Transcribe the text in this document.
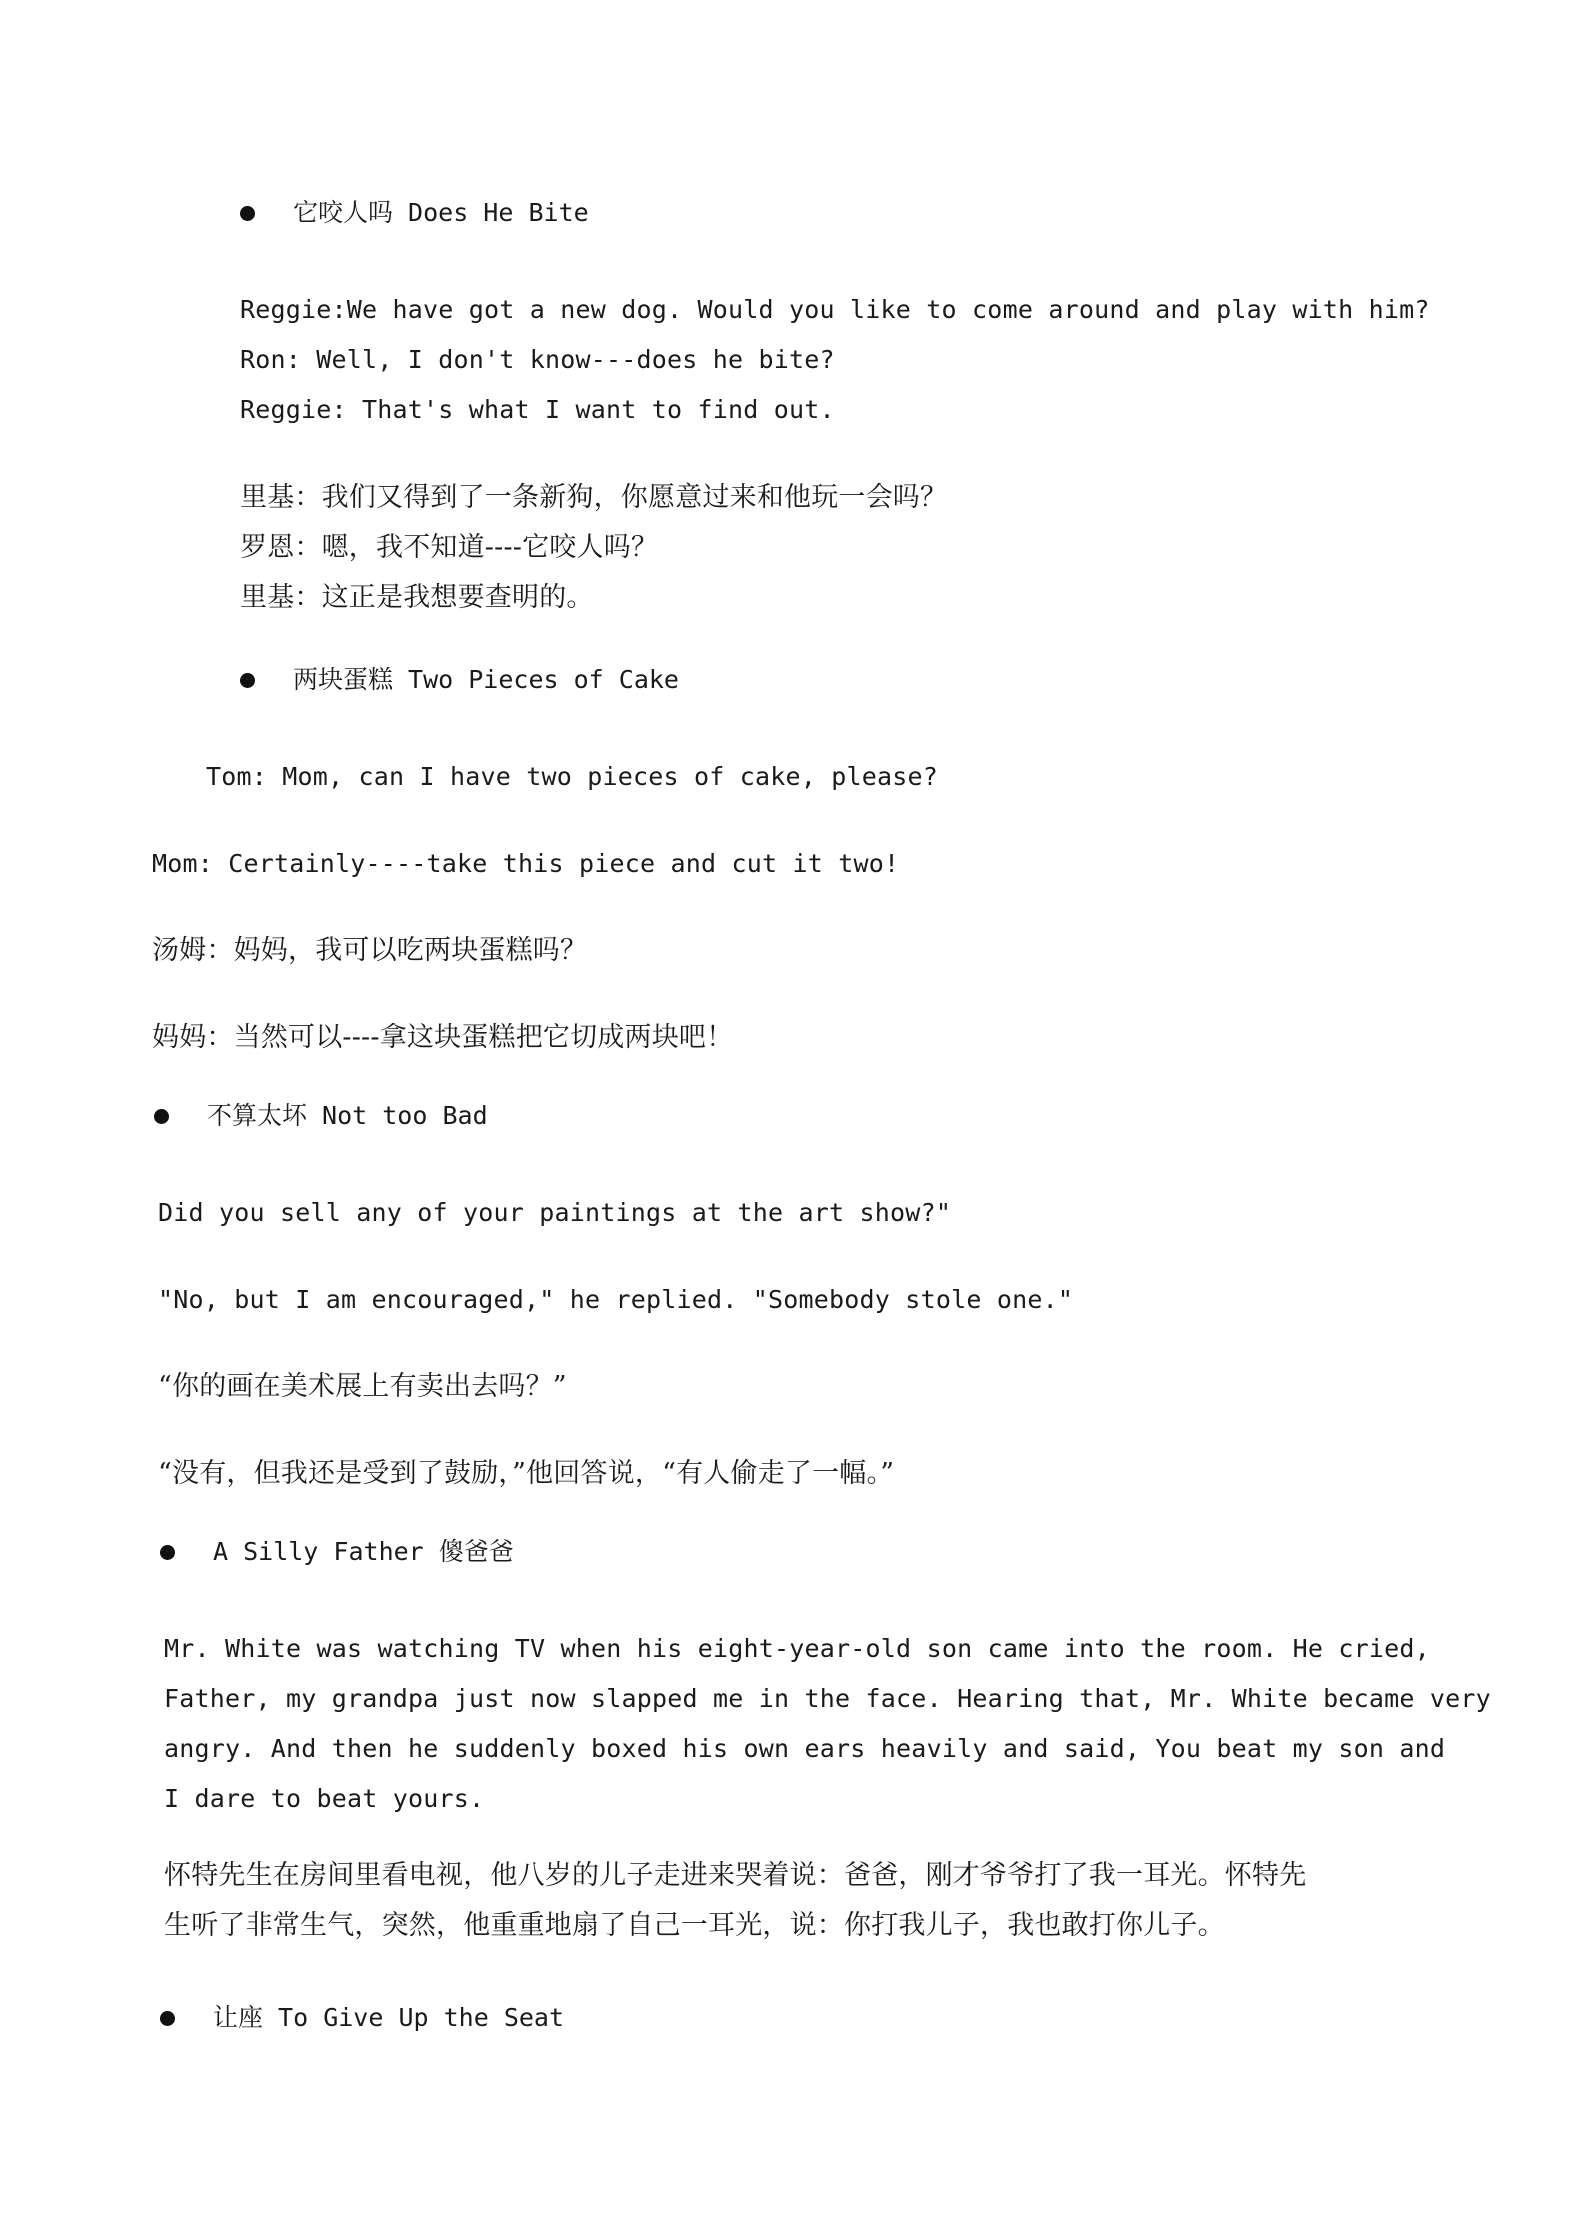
它咬人吗 Does He Bite
Reggie:We have got a new dog. Would you like to come around and play with him?
Ron: Well, I don't know---does he bite?
Reggie: That's what I want to find out.
里基：我们又得到了一条新狗，你愿意过来和他玩一会吗？
罗恩：嗯，我不知道----它咬人吗？
里基：这正是我想要查明的。
两块蛋糕 Two Pieces of Cake
Tom: Mom, can I have two pieces of cake, please?
Mom: Certainly----take this piece and cut it two!
汤姆：妈妈，我可以吃两块蛋糕吗？
妈妈：当然可以----拿这块蛋糕把它切成两块吧！
不算太坏 Not too Bad
Did you sell any of your paintings at the art show?"
"No, but I am encouraged," he replied. "Somebody stole one."
“你的画在美术展上有卖出去吗？”
“没有，但我还是受到了鼓励，”他回答说，“有人偷走了一幅。”
A Silly Father 傻爸爸
Mr. White was watching TV when his eight-year-old son came into the room. He cried,
Father, my grandpa just now slapped me in the face. Hearing that, Mr. White became very
angry. And then he suddenly boxed his own ears heavily and said, You beat my son and
I dare to beat yours.
怀特先生在房间里看电视，他八岁的儿子走进来哭着说：爸爸，刚才爷爷打了我一耳光。怀特先
生听了非常生气，突然，他重重地扇了自己一耳光，说：你打我儿子，我也敢打你儿子。
让座 To Give Up the Seat
